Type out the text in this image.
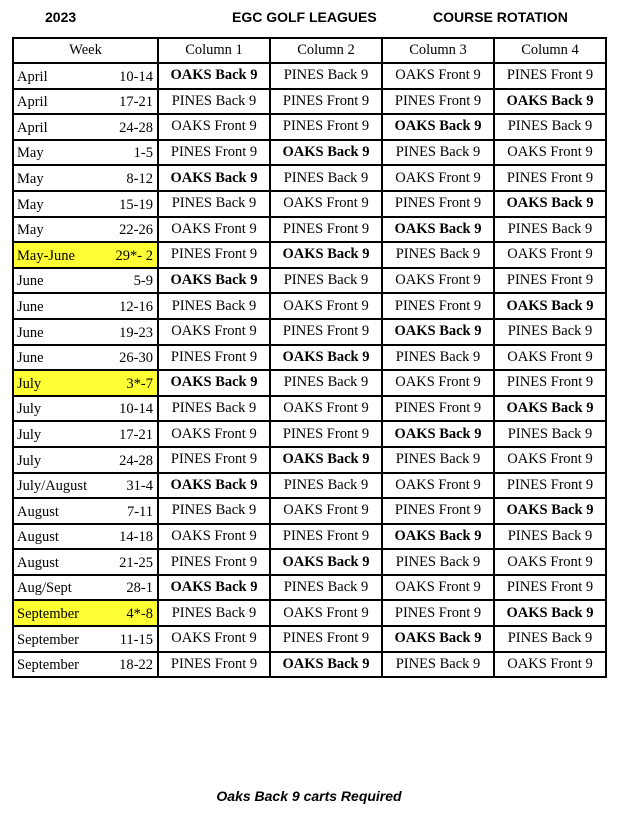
2023	EGC GOLF LEAGUES	COURSE ROTATION
Week	Column 1	Column 2	Column 3	Column 4

April 10-14	OAKS Back 9	PINES Back 9	OAKS Front 9	PINES Front 9

April 17-21	PINES Back 9	PINES Front 9	PINES Front 9	OAKS Back 9

April 24-28	OAKS Front 9	PINES Front 9	OAKS Back 9	PINES Back 9

May 1-5	PINES Front 9	OAKS Back 9	PINES Back 9	OAKS Front 9

May 8-12	OAKS Back 9	PINES Back 9	OAKS Front 9	PINES Front 9

May 15-19	PINES Back 9	OAKS Front 9	PINES Front 9	OAKS Back 9

May 22-26	OAKS Front 9	PINES Front 9	OAKS Back 9	PINES Back 9

May-June 29*- 2	PINES Front 9	OAKS Back 9	PINES Back 9	OAKS Front 9

June 5-9	OAKS Back 9	PINES Back 9	OAKS Front 9	PINES Front 9

June 12-16	PINES Back 9	OAKS Front 9	PINES Front 9	OAKS Back 9

June 19-23	OAKS Front 9	PINES Front 9	OAKS Back 9	PINES Back 9

June 26-30	PINES Front 9	OAKS Back 9	PINES Back 9	OAKS Front 9

July 3*-7	OAKS Back 9	PINES Back 9	OAKS Front 9	PINES Front 9

July 10-14	PINES Back 9	OAKS Front 9	PINES Front 9	OAKS Back 9

July 17-21	OAKS Front 9	PINES Front 9	OAKS Back 9	PINES Back 9

July 24-28	PINES Front 9	OAKS Back 9	PINES Back 9	OAKS Front 9

July/August 31-4	OAKS Back 9	PINES Back 9	OAKS Front 9	PINES Front 9

August 7-11	PINES Back 9	OAKS Front 9	PINES Front 9	OAKS Back 9

August 14-18	OAKS Front 9	PINES Front 9	OAKS Back 9	PINES Back 9

August 21-25	PINES Front 9	OAKS Back 9	PINES Back 9	OAKS Front 9

Aug/Sept 28-1	OAKS Back 9	PINES Back 9	OAKS Front 9	PINES Front 9

September 4*-8	PINES Back 9	OAKS Front 9	PINES Front 9	OAKS Back 9

September 11-15	OAKS Front 9	PINES Front 9	OAKS Back 9	PINES Back 9

September 18-22	PINES Front 9	OAKS Back 9	PINES Back 9	OAKS Front 9
Oaks Back 9 carts Required
